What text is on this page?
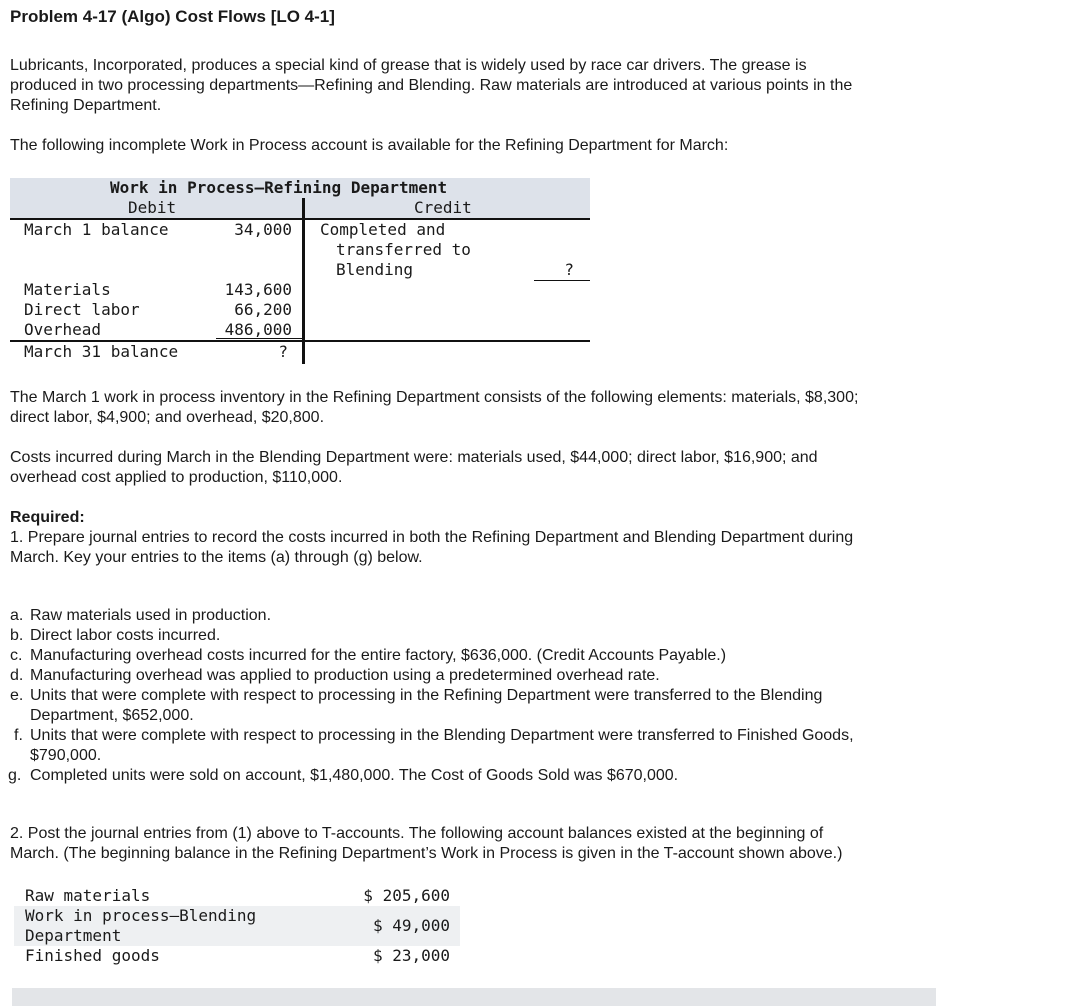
Problem 4-17 (Algo) Cost Flows [LO 4-1]

Lubricants, Incorporated, produces a special kind of grease that is widely used by race car drivers. The grease is

produced in two processing departments—Refining and Blending. Raw materials are introduced at various points in the

Refining Department.

The following incomplete Work in Process account is available for the Refining Department for March:

Work in Process—Refining Department
Debit	Credit
March 1 balance	34,000
Materials	143,600
Direct labor	66,200
Overhead	486,000
March 31 balance	?
Completed and
transferred to
Blending	?

The March 1 work in process inventory in the Refining Department consists of the following elements: materials, $8,300;

direct labor, $4,900; and overhead, $20,800.

Costs incurred during March in the Blending Department were: materials used, $44,000; direct labor, $16,900; and

overhead cost applied to production, $110,000.

Required:

1. Prepare journal entries to record the costs incurred in both the Refining Department and Blending Department during

March. Key your entries to the items (a) through (g) below.

a. Raw materials used in production.
b. Direct labor costs incurred.
c. Manufacturing overhead costs incurred for the entire factory, $636,000. (Credit Accounts Payable.)
d. Manufacturing overhead was applied to production using a predetermined overhead rate.
e. Units that were complete with respect to processing in the Refining Department were transferred to the Blending
Department, $652,000.
f. Units that were complete with respect to processing in the Blending Department were transferred to Finished Goods,
$790,000.
g. Completed units were sold on account, $1,480,000. The Cost of Goods Sold was $670,000.

2. Post the journal entries from (1) above to T-accounts. The following account balances existed at the beginning of

March. (The beginning balance in the Refining Department’s Work in Process is given in the T-account shown above.)

Raw materials	$ 205,600
Work in process—Blending
Department
$ 49,000
Finished goods	$ 23,000
